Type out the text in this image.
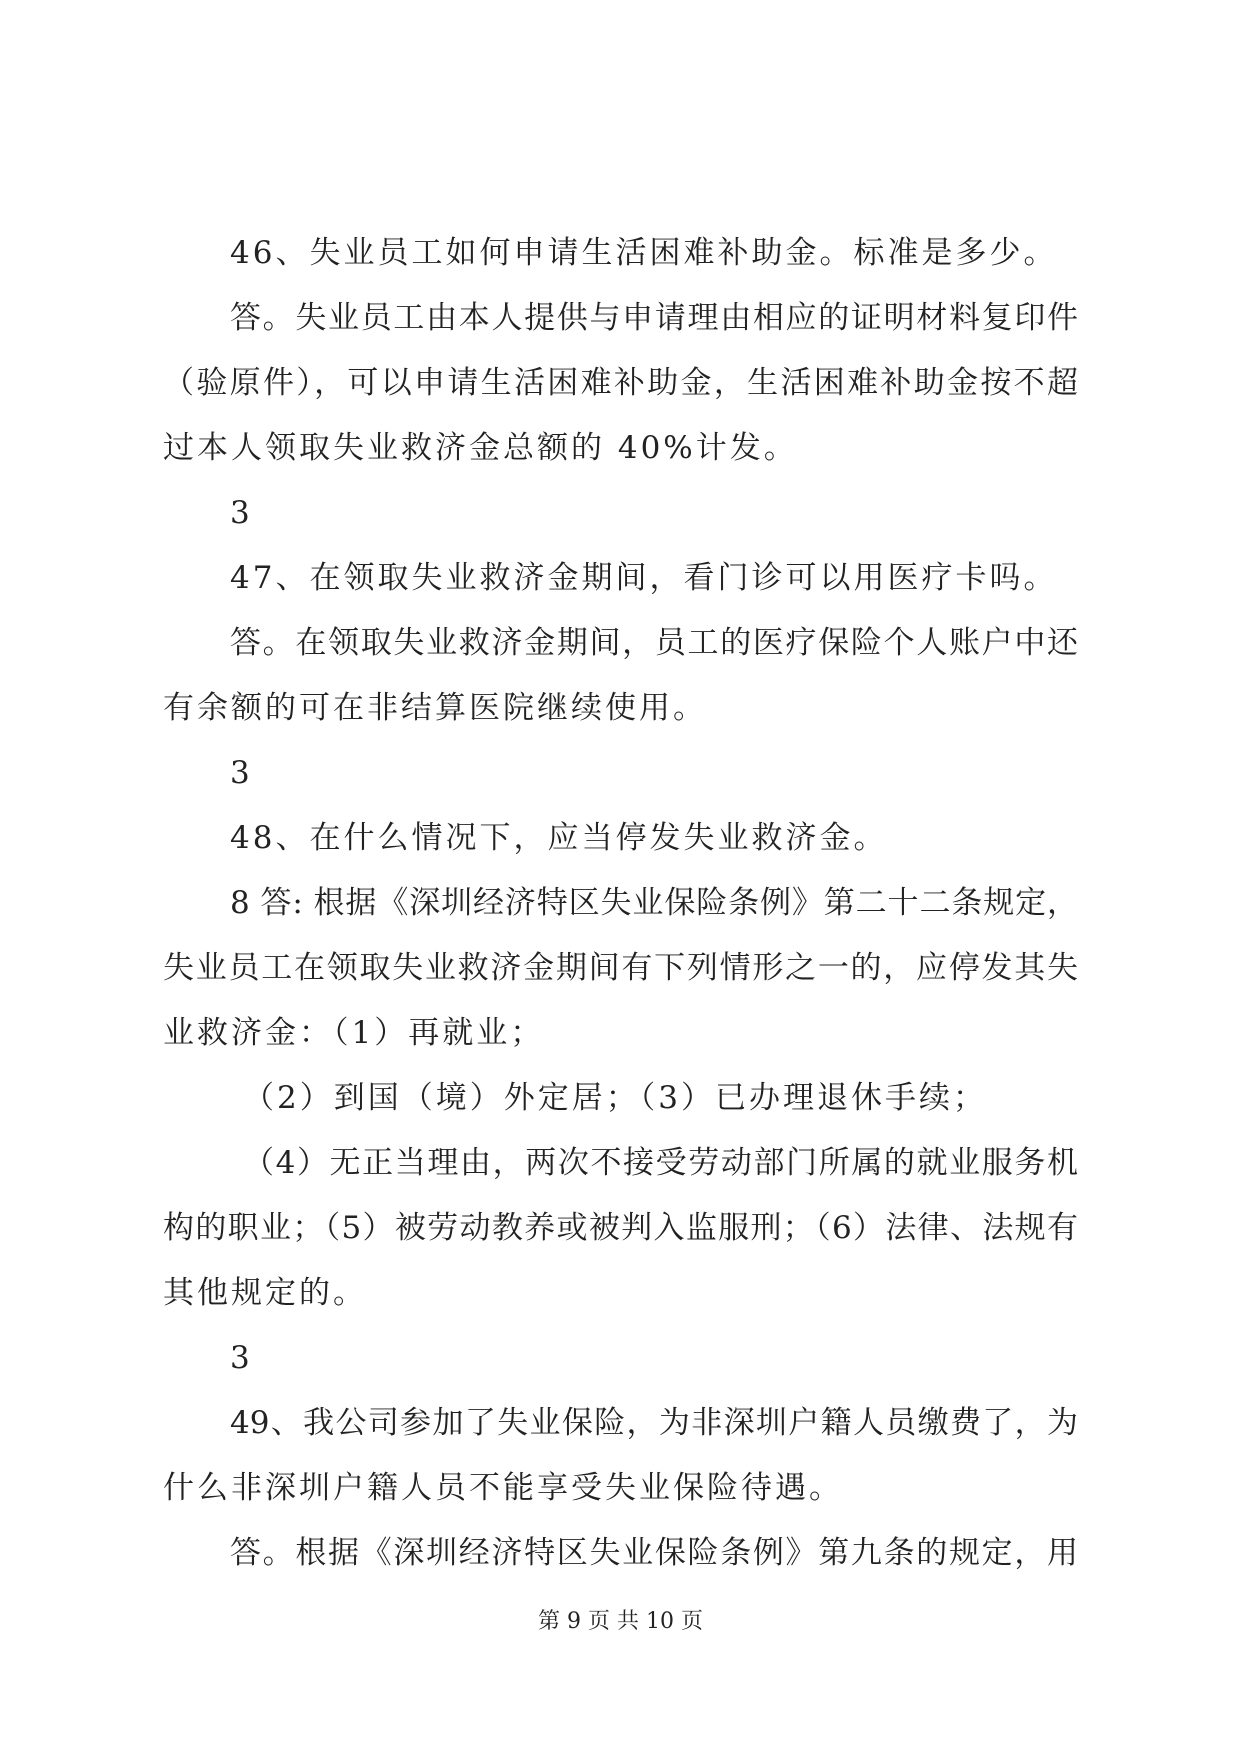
46、失业员工如何申请生活困难补助金。标准是多少。
答。失业员工由本人提供与申请理由相应的证明材料复印件
（验原件），可以申请生活困难补助金，生活困难补助金按不超
过本人领取失业救济金总额的 40%计发。
3
47、在领取失业救济金期间，看门诊可以用医疗卡吗。
答。在领取失业救济金期间，员工的医疗保险个人账户中还
有余额的可在非结算医院继续使用。
3
48、在什么情况下，应当停发失业救济金。
8 答: 根据《深圳经济特区失业保险条例》第二十二条规定，
失业员工在领取失业救济金期间有下列情形之一的，应停发其失
业救济金：（1）再就业；
（2）到国（境）外定居；（3）已办理退休手续；
（4）无正当理由，两次不接受劳动部门所属的就业服务机
构的职业；（5）被劳动教养或被判入监服刑；（6）法律、法规有
其他规定的。
3
49、我公司参加了失业保险，为非深圳户籍人员缴费了，为
什么非深圳户籍人员不能享受失业保险待遇。
答。根据《深圳经济特区失业保险条例》第九条的规定，用
第 9 页 共 10 页
